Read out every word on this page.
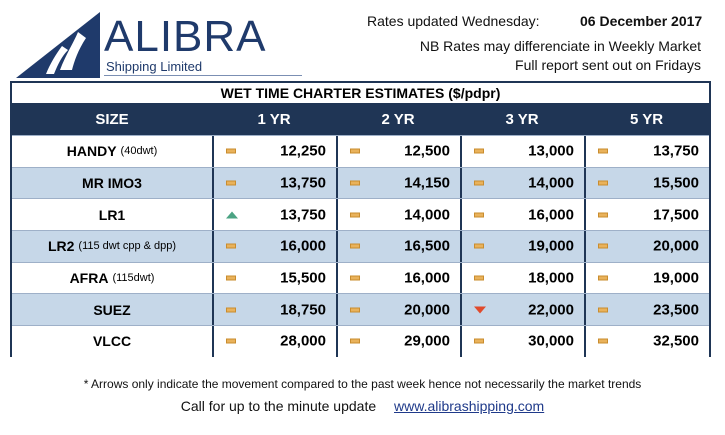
ALIBRA
Shipping Limited
Rates updated Wednesday:	06 December 2017
NB Rates may differenciate in Weekly Market
Full report sent out on Fridays
WET TIME CHARTER ESTIMATES ($/pdpr)
SIZE	1 YR	2 YR	3 YR	5 YR
HANDY (40dwt)	12,250	12,500	13,000	13,750
MR IMO3	13,750	14,150	14,000	15,500
LR1	13,750	14,000	16,000	17,500
LR2 (115 dwt cpp & dpp)	16,000	16,500	19,000	20,000
AFRA (115dwt)	15,500	16,000	18,000	19,000
SUEZ	18,750	20,000	22,000	23,500
VLCC	28,000	29,000	30,000	32,500
* Arrows only indicate the movement compared to the past week hence not necessarily the market trends
Call for up to the minute update www.alibrashipping.com
